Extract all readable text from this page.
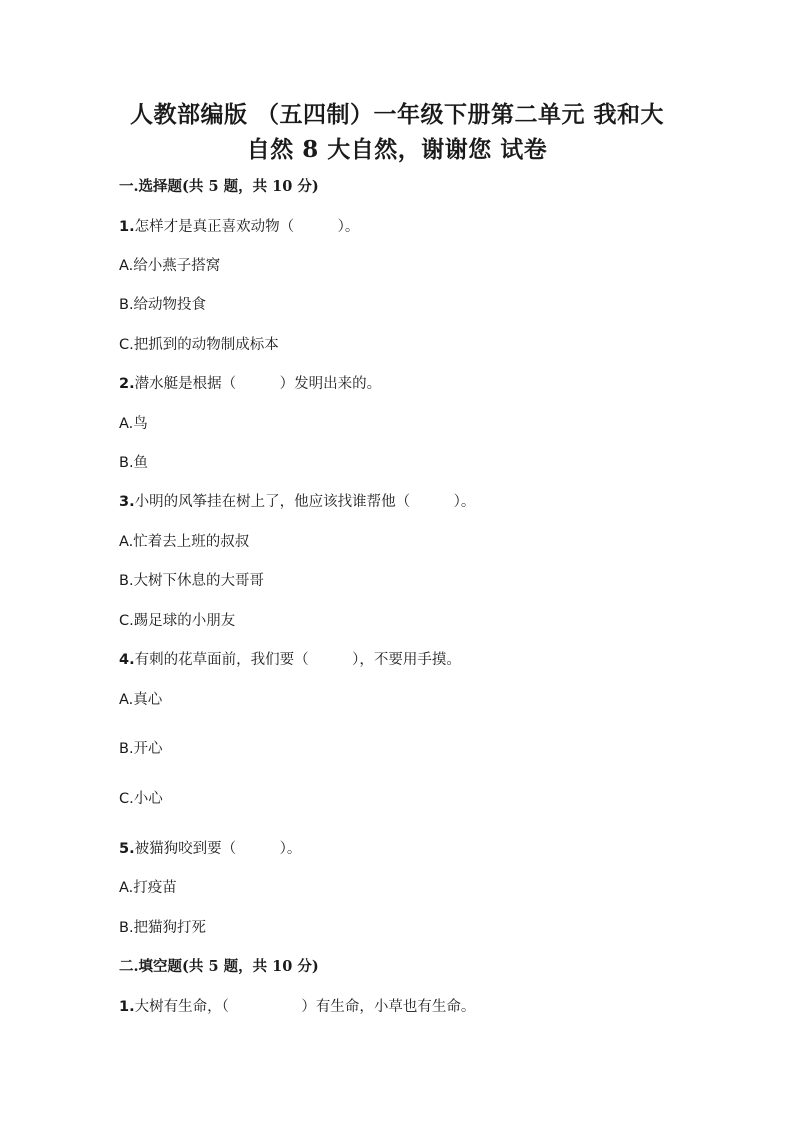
人教部编版 （五四制）一年级下册第二单元 我和大
自然 8 大自然，谢谢您 试卷

一.选择题(共 5 题，共 10 分)

1.怎样才是真正喜欢动物（　　　）。

A.给小燕子搭窝

B.给动物投食

C.把抓到的动物制成标本

2.潜水艇是根据（　　　）发明出来的。

A.鸟

B.鱼

3.小明的风筝挂在树上了，他应该找谁帮他（　　　）。

A.忙着去上班的叔叔

B.大树下休息的大哥哥

C.踢足球的小朋友

4.有刺的花草面前，我们要（　　　），不要用手摸。

A.真心

B.开心

C.小心

5.被猫狗咬到要（　　　）。

A.打疫苗

B.把猫狗打死

二.填空题(共 5 题，共 10 分)

1.大树有生命，（　　　　　）有生命，小草也有生命。
